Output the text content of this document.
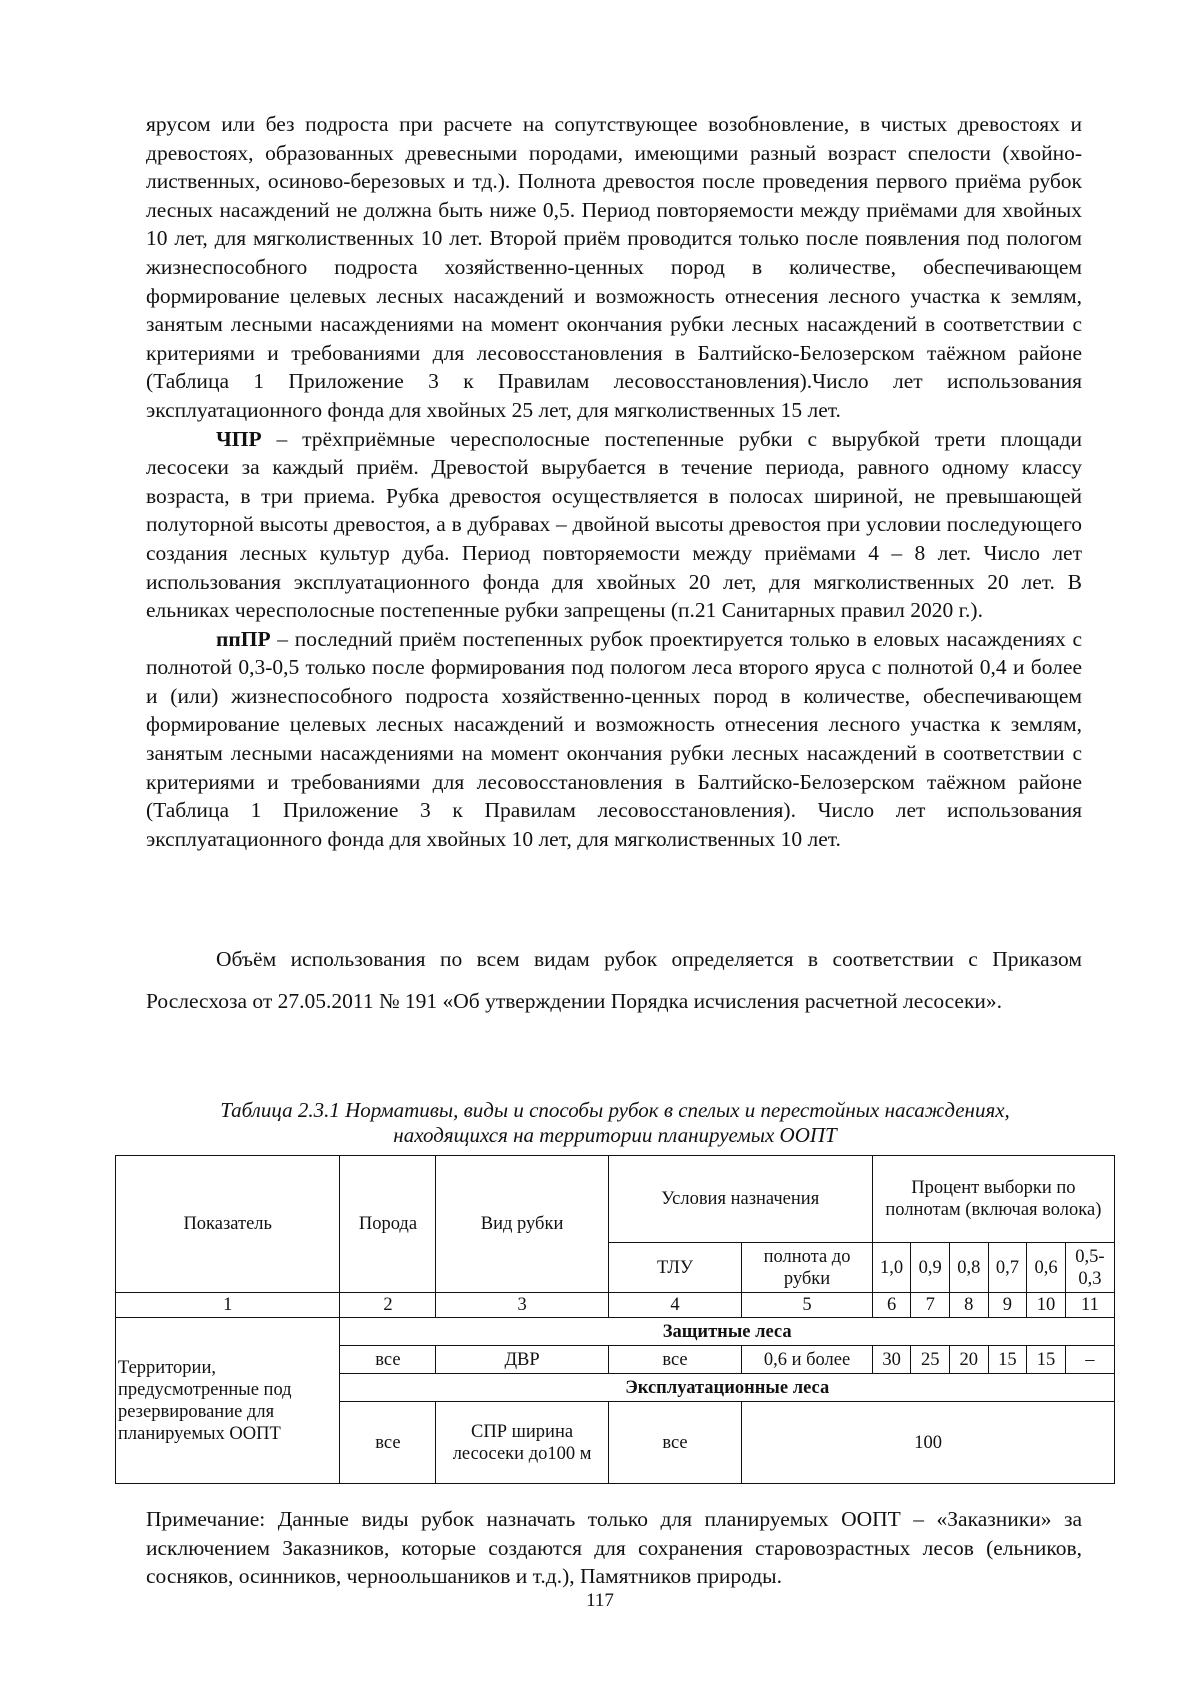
ярусом или без подроста при расчете на сопутствующее возобновление, в чистых древостоях и древостоях, образованных древесными породами, имеющими разный возраст спелости (хвойно-лиственных, осиново-березовых и тд.). Полнота древостоя после проведения первого приёма рубок лесных насаждений не должна быть ниже 0,5. Период повторяемости между приёмами для хвойных 10 лет, для мягколиственных 10 лет. Второй приём проводится только после появления под пологом жизнеспособного подроста хозяйственно-ценных пород в количестве, обеспечивающем формирование целевых лесных насаждений и возможность отнесения лесного участка к землям, занятым лесными насаждениями на момент окончания рубки лесных насаждений в соответствии с критериями и требованиями для лесовосстановления в Балтийско-Белозерском таёжном районе (Таблица 1 Приложение 3 к Правилам лесовосстановления).Число лет использования эксплуатационного фонда для хвойных 25 лет, для мягколиственных 15 лет.

ЧПР – трёхприёмные чересполосные постепенные рубки с вырубкой трети площади лесосеки за каждый приём. Древостой вырубается в течение периода, равного одному классу возраста, в три приема. Рубка древостоя осуществляется в полосах шириной, не превышающей полуторной высоты древостоя, а в дубравах – двойной высоты древостоя при условии последующего создания лесных культур дуба. Период повторяемости между приёмами 4 – 8 лет. Число лет использования эксплуатационного фонда для хвойных 20 лет, для мягколиственных 20 лет. В ельниках чересполосные постепенные рубки запрещены (п.21 Санитарных правил 2020 г.).

ппПР – последний приём постепенных рубок проектируется только в еловых насаждениях с полнотой 0,3-0,5 только после формирования под пологом леса второго яруса с полнотой 0,4 и более и (или) жизнеспособного подроста хозяйственно-ценных пород в количестве, обеспечивающем формирование целевых лесных насаждений и возможность отнесения лесного участка к землям, занятым лесными насаждениями на момент окончания рубки лесных насаждений в соответствии с критериями и требованиями для лесовосстановления в Балтийско-Белозерском таёжном районе (Таблица 1 Приложение 3 к Правилам лесовосстановления). Число лет использования эксплуатационного фонда для хвойных 10 лет, для мягколиственных 10 лет.

Объём использования по всем видам рубок определяется в соответствии с Приказом Рослесхоза от 27.05.2011 № 191 «Об утверждении Порядка исчисления расчетной лесосеки».

Таблица 2.3.1 Нормативы, виды и способы рубок в спелых и перестойных насаждениях,
находящихся на территории планируемых ООПТ
Показатель	Порода	Вид рубки	Условия назначения		Процент выборки по полнотам (включая волока)					
			ТЛУ	полнота до рубки	1,0	0,9	0,8	0,7	0,6	0,5-0,3
1	2	3	4	5	6	7	8	9	10	11
Территории, предусмотренные под резервирование для планируемых ООПТ	Защитные леса									
	все	ДВР	все	0,6 и более	30	25	20	15	15	–
	Эксплуатационные леса									
	все	СПР ширина лесосеки до100 м	все	100						
Примечание: Данные виды рубок назначать только для планируемых ООПТ – «Заказники» за исключением Заказников, которые создаются для сохранения старовозрастных лесов (ельников, сосняков, осинников, черноольшаников и т.д.), Памятников природы.
117
